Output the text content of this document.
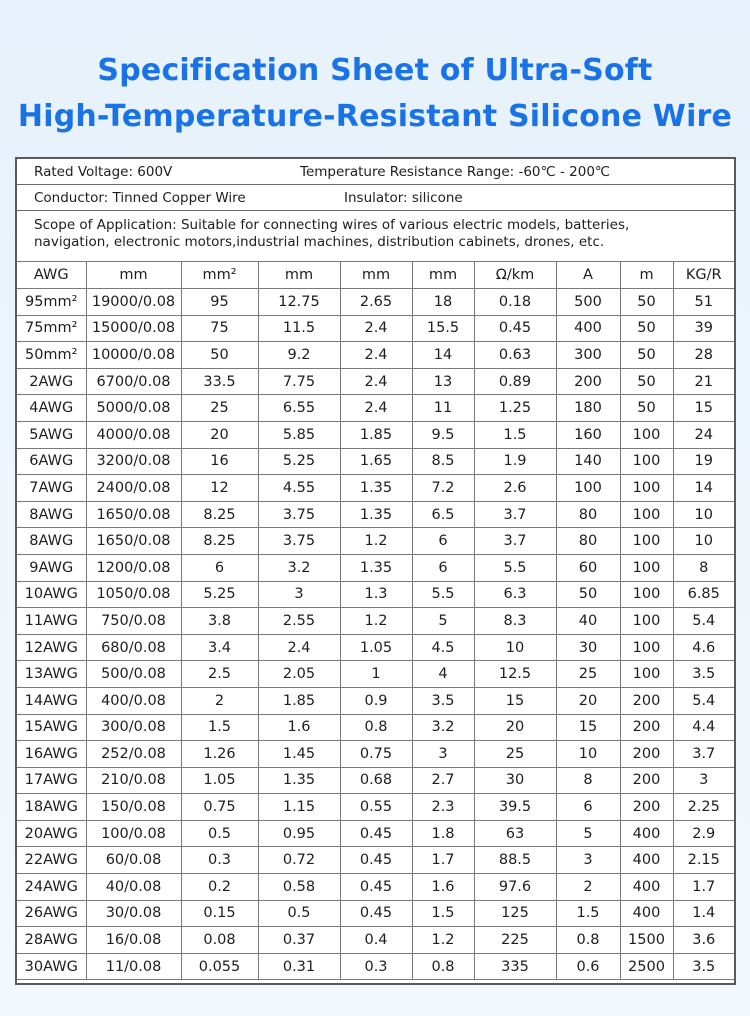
Specification Sheet of Ultra-Soft
High-Temperature-Resistant Silicone Wire
Rated Voltage: 600V	Temperature Resistance Range: -60℃ - 200℃
Conductor: Tinned Copper Wire	Insulator: silicone
Scope of Application: Suitable for connecting wires of various electric models, batteries,
navigation, electronic motors,industrial machines, distribution cabinets, drones, etc.
AWG	mm	mm²	mm	mm	mm	Ω/km	A	m	KG/R
95mm²	19000/0.08	95	12.75	2.65	18	0.18	500	50	51
75mm²	15000/0.08	75	11.5	2.4	15.5	0.45	400	50	39
50mm²	10000/0.08	50	9.2	2.4	14	0.63	300	50	28
2AWG	6700/0.08	33.5	7.75	2.4	13	0.89	200	50	21
4AWG	5000/0.08	25	6.55	2.4	11	1.25	180	50	15
5AWG	4000/0.08	20	5.85	1.85	9.5	1.5	160	100	24
6AWG	3200/0.08	16	5.25	1.65	8.5	1.9	140	100	19
7AWG	2400/0.08	12	4.55	1.35	7.2	2.6	100	100	14
8AWG	1650/0.08	8.25	3.75	1.35	6.5	3.7	80	100	10
8AWG	1650/0.08	8.25	3.75	1.2	6	3.7	80	100	10
9AWG	1200/0.08	6	3.2	1.35	6	5.5	60	100	8
10AWG	1050/0.08	5.25	3	1.3	5.5	6.3	50	100	6.85
11AWG	750/0.08	3.8	2.55	1.2	5	8.3	40	100	5.4
12AWG	680/0.08	3.4	2.4	1.05	4.5	10	30	100	4.6
13AWG	500/0.08	2.5	2.05	1	4	12.5	25	100	3.5
14AWG	400/0.08	2	1.85	0.9	3.5	15	20	200	5.4
15AWG	300/0.08	1.5	1.6	0.8	3.2	20	15	200	4.4
16AWG	252/0.08	1.26	1.45	0.75	3	25	10	200	3.7
17AWG	210/0.08	1.05	1.35	0.68	2.7	30	8	200	3
18AWG	150/0.08	0.75	1.15	0.55	2.3	39.5	6	200	2.25
20AWG	100/0.08	0.5	0.95	0.45	1.8	63	5	400	2.9
22AWG	60/0.08	0.3	0.72	0.45	1.7	88.5	3	400	2.15
24AWG	40/0.08	0.2	0.58	0.45	1.6	97.6	2	400	1.7
26AWG	30/0.08	0.15	0.5	0.45	1.5	125	1.5	400	1.4
28AWG	16/0.08	0.08	0.37	0.4	1.2	225	0.8	1500	3.6
30AWG	11/0.08	0.055	0.31	0.3	0.8	335	0.6	2500	3.5
